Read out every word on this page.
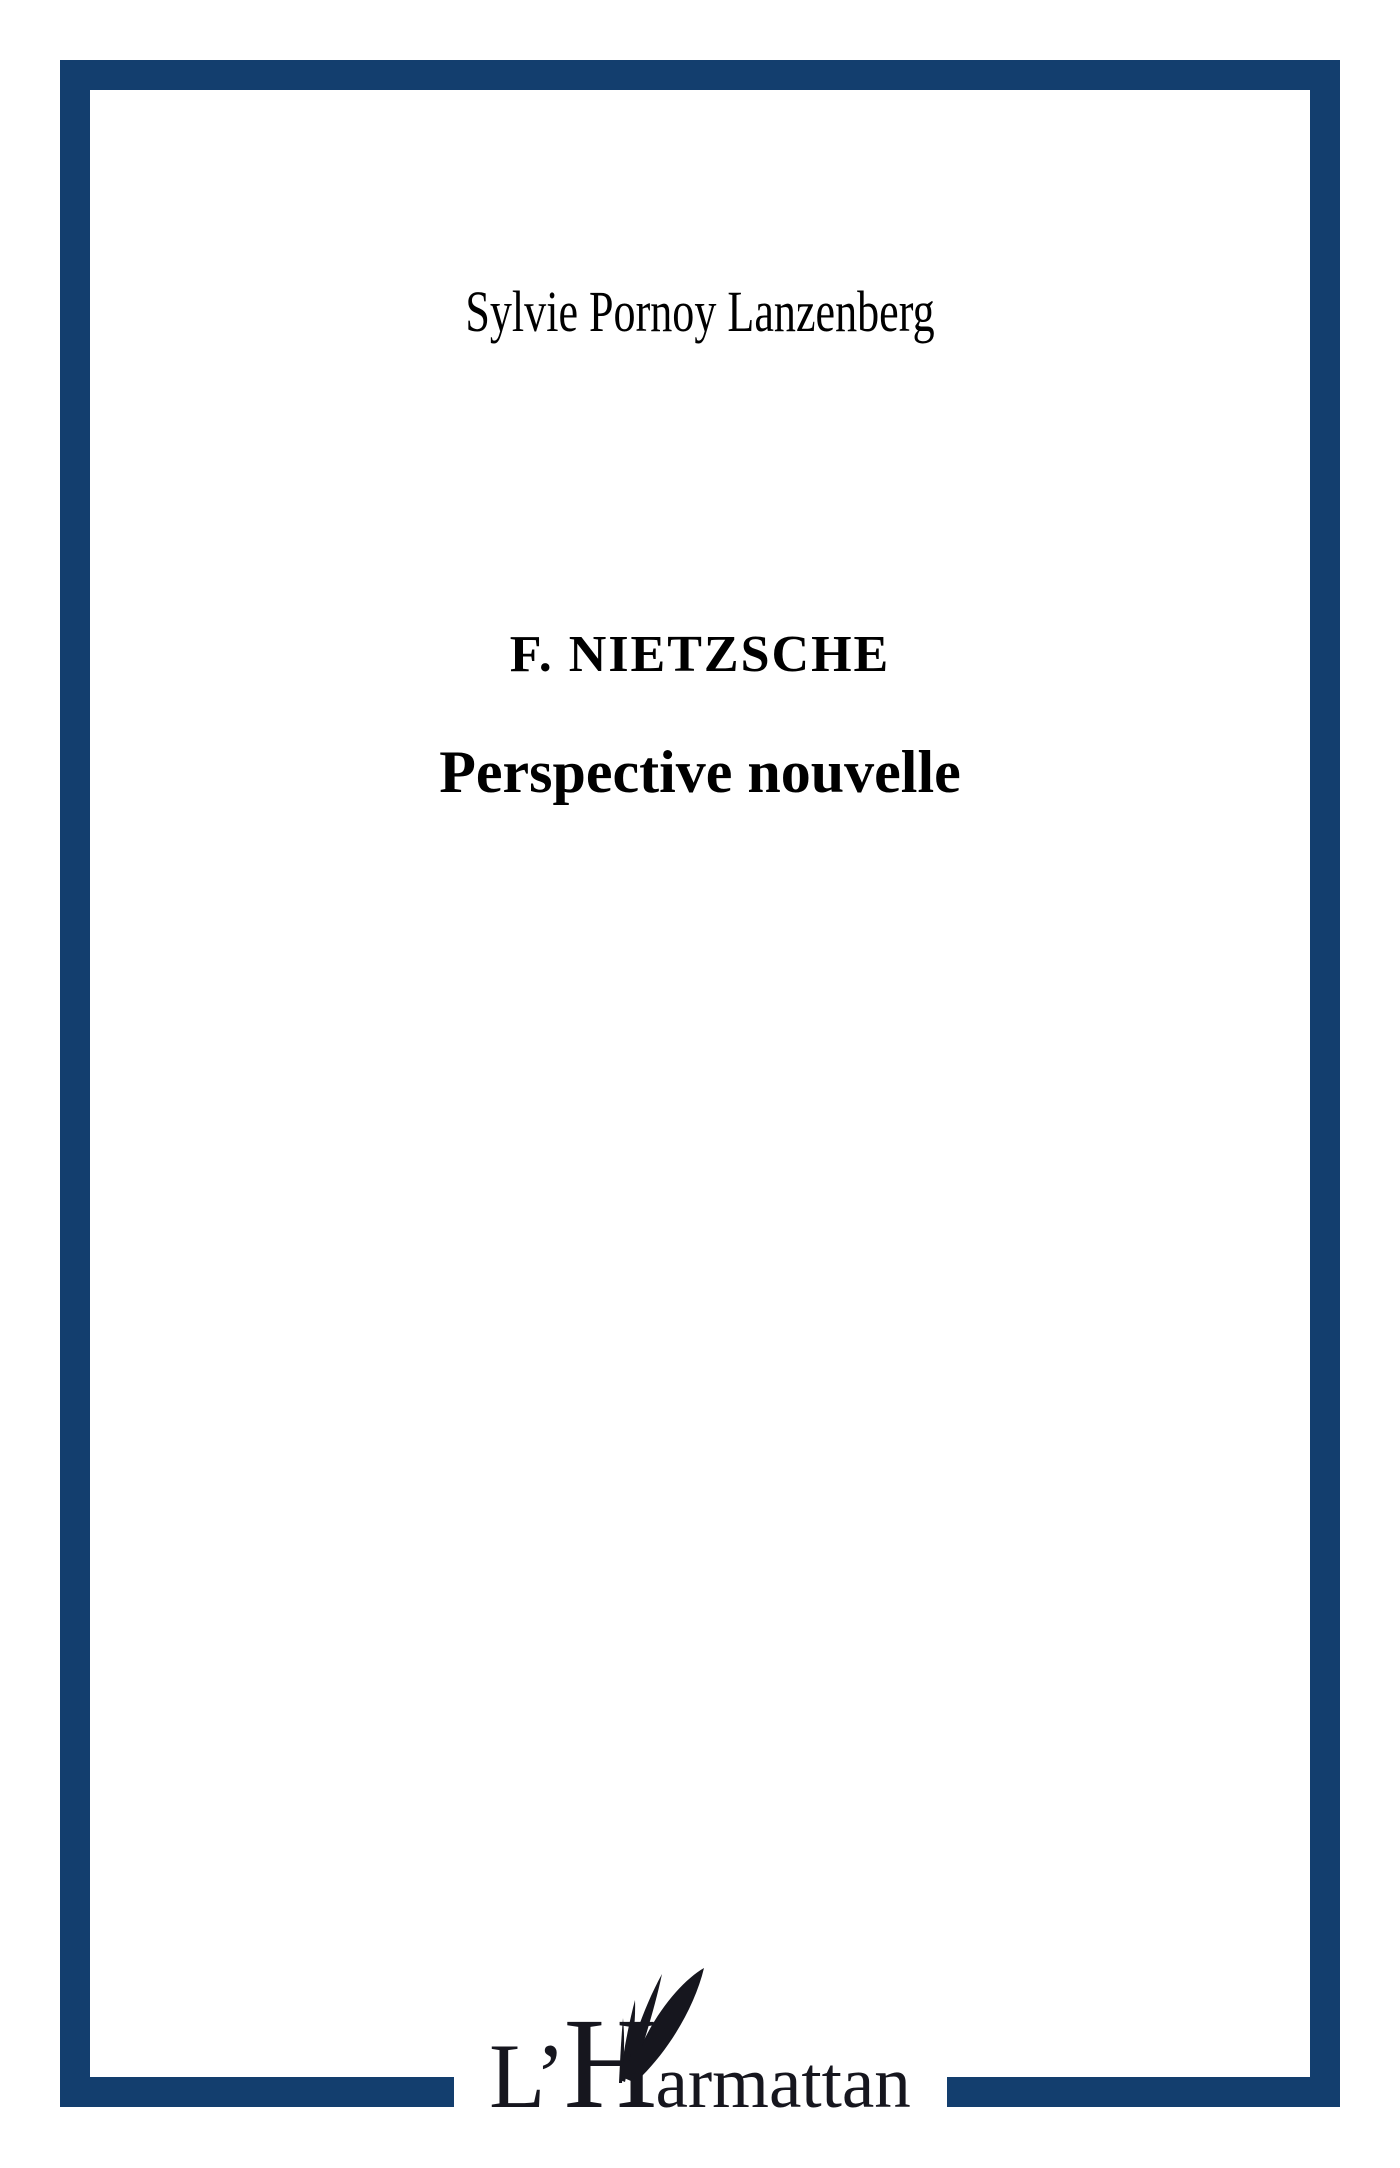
Sylvie Pornoy Lanzenberg
F. NIETZSCHE
Perspective nouvelle
L’ H armattan
